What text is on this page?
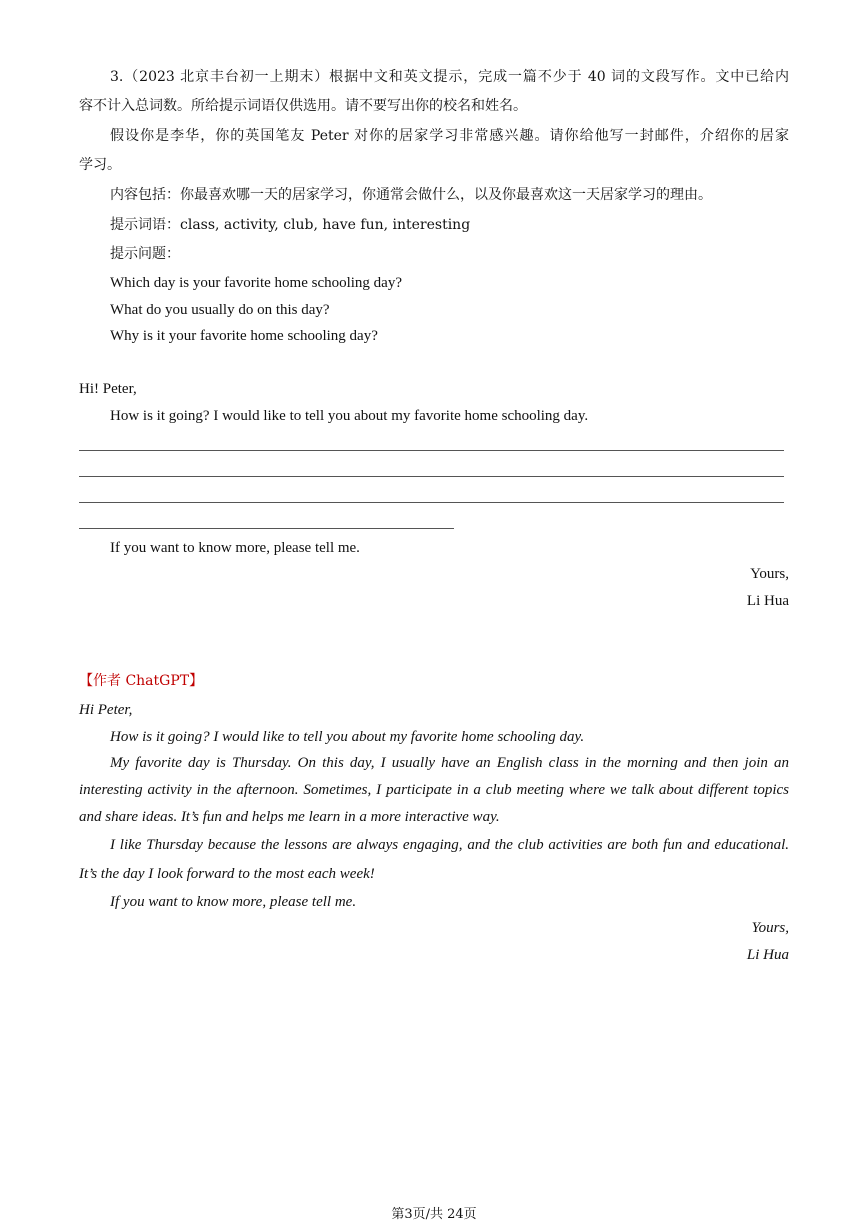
3.（2023 北京丰台初一上期末）根据中文和英文提示，完成一篇不少于 40 词的文段写作。文中已给内
容不计入总词数。所给提示词语仅供选用。请不要写出你的校名和姓名。
假设你是李华，你的英国笔友 Peter 对你的居家学习非常感兴趣。请你给他写一封邮件，介绍你的居家
学习。
内容包括：你最喜欢哪一天的居家学习，你通常会做什么，以及你最喜欢这一天居家学习的理由。
提示词语：class, activity, club, have fun, interesting
提示问题：
Which day is your favorite home schooling day?
What do you usually do on this day?
Why is it your favorite home schooling day?
Hi! Peter,
How is it going? I would like to tell you about my favorite home schooling day.
If you want to know more, please tell me.
Yours,
Li Hua
【作者 ChatGPT】
Hi Peter,
How is it going? I would like to tell you about my favorite home schooling day.
My favorite day is Thursday. On this day, I usually have an English class in the morning and then join an
interesting activity in the afternoon. Sometimes, I participate in a club meeting where we talk about different topics
and share ideas. It’s fun and helps me learn in a more interactive way.
I like Thursday because the lessons are always engaging, and the club activities are both fun and educational.
It’s the day I look forward to the most each week!
If you want to know more, please tell me.
Yours,
Li Hua
第3页/共 24页
